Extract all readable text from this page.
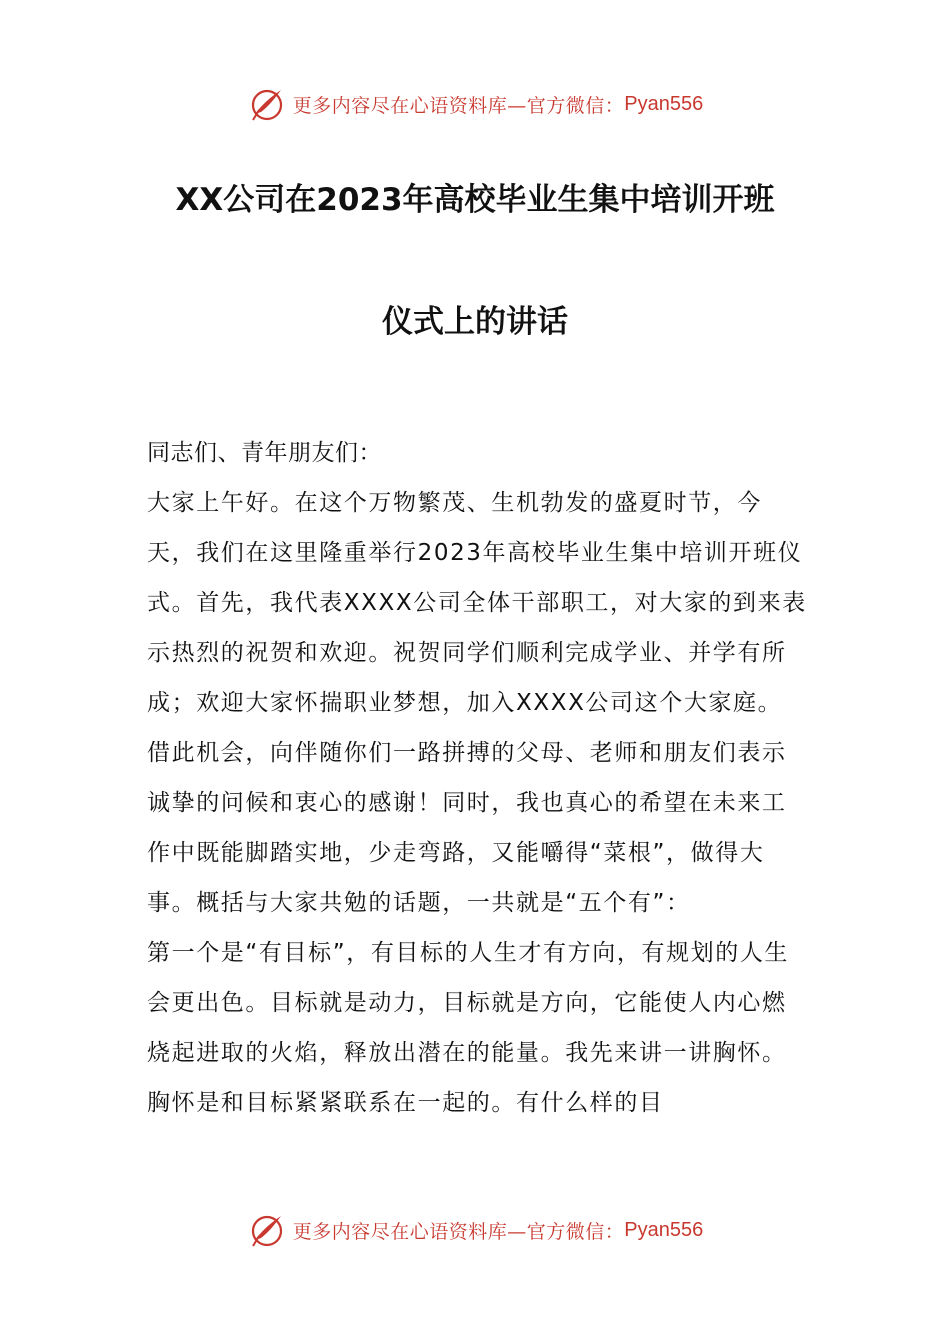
更多内容尽在心语资料库—官方微信： Pyan556
XX公司在2023年高校毕业生集中培训开班
仪式上的讲话

同志们、青年朋友们：

大家上午好。在这个万物繁茂、生机勃发的盛夏时节，今天，我们在这里隆重举行2023年高校毕业生集中培训开班仪式。首先，我代表XXXX公司全体干部职工，对大家的到来表示热烈的祝贺和欢迎。祝贺同学们顺利完成学业、并学有所成；欢迎大家怀揣职业梦想，加入XXXX公司这个大家庭。

借此机会，向伴随你们一路拼搏的父母、老师和朋友们表示诚挚的问候和衷心的感谢！同时，我也真心的希望在未来工作中既能脚踏实地，少走弯路，又能嚼得“菜根”，做得大事。概括与大家共勉的话题，一共就是“五个有”：

第一个是“有目标”，有目标的人生才有方向，有规划的人生会更出色。目标就是动力，目标就是方向，它能使人内心燃烧起进取的火焰，释放出潜在的能量。我先来讲一讲胸怀。胸怀是和目标紧紧联系在一起的。有什么样的目

更多内容尽在心语资料库—官方微信： Pyan556
